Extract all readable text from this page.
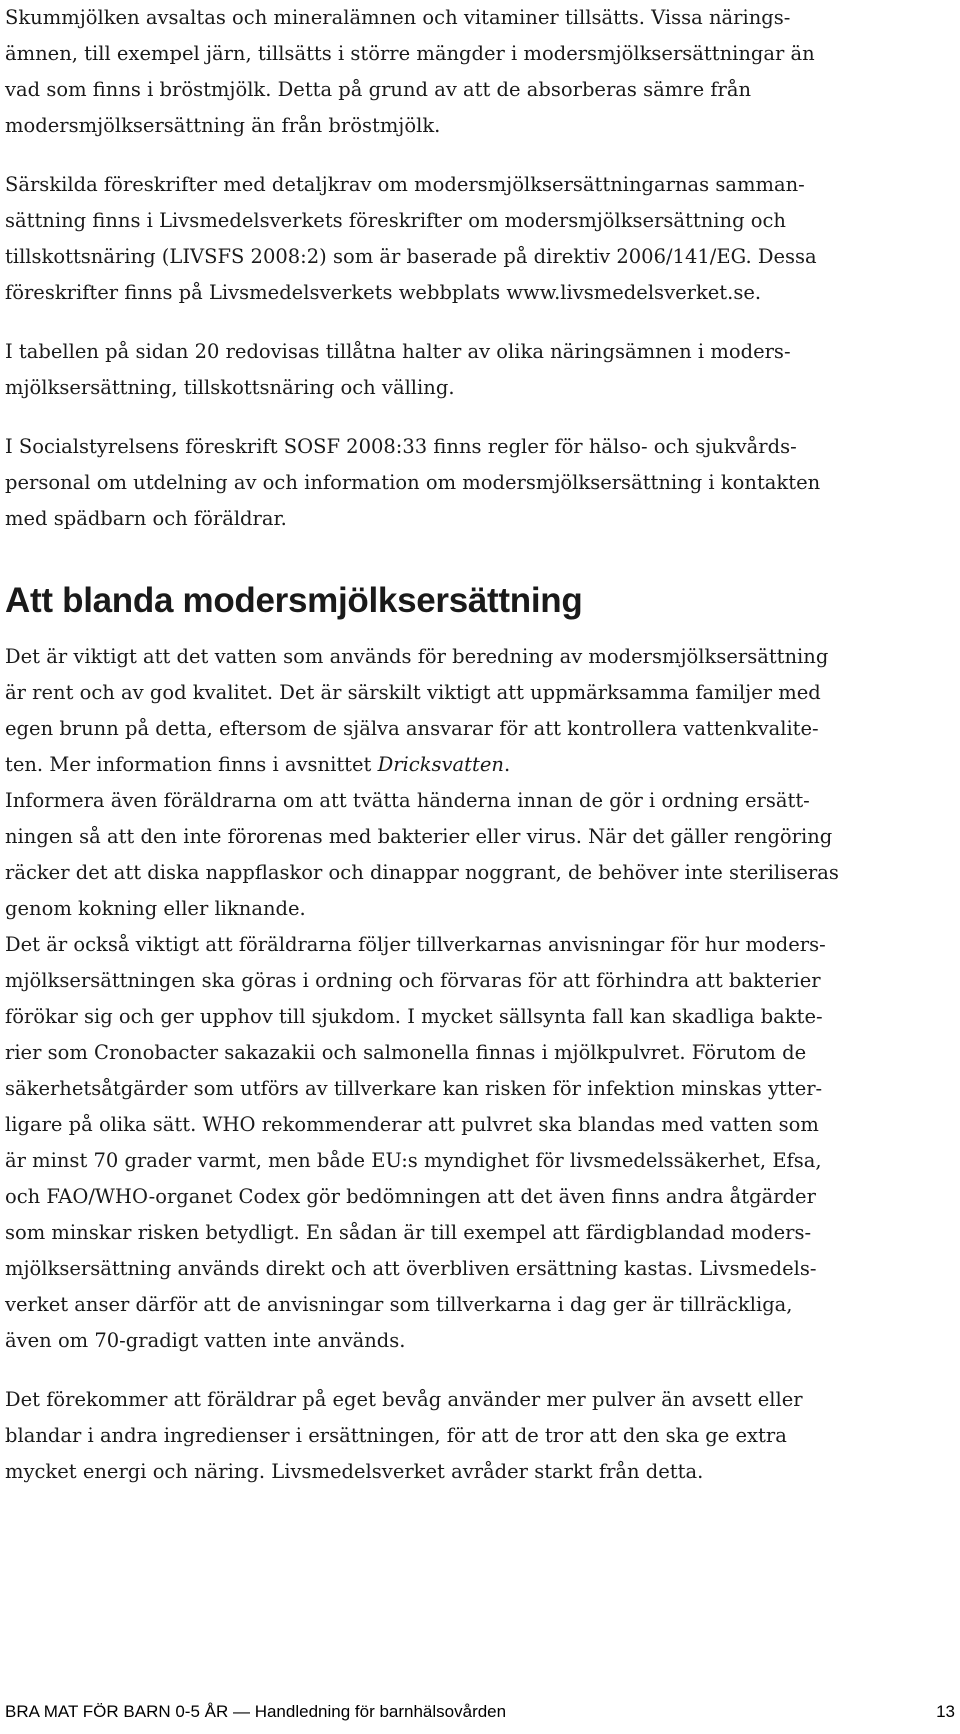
Skummjölken avsaltas och mineralämnen och vitaminer tillsätts. Vissa närings-
ämnen, till exempel järn, tillsätts i större mängder i modersmjölksersättningar än
vad som finns i bröstmjölk. Detta på grund av att de absorberas sämre från
modersmjölksersättning än från bröstmjölk.
Särskilda föreskrifter med detaljkrav om modersmjölksersättningarnas samman-
sättning finns i Livsmedelsverkets föreskrifter om modersmjölksersättning och
tillskottsnäring (LIVSFS 2008:2) som är baserade på direktiv 2006/141/EG. Dessa
föreskrifter finns på Livsmedelsverkets webbplats www.livsmedelsverket.se.
I tabellen på sidan 20 redovisas tillåtna halter av olika näringsämnen i moders-
mjölksersättning, tillskottsnäring och välling.
I Socialstyrelsens föreskrift SOSF 2008:33 finns regler för hälso- och sjukvårds-
personal om utdelning av och information om modersmjölksersättning i kontakten
med spädbarn och föräldrar.
Att blanda modersmjölksersättning
Det är viktigt att det vatten som används för beredning av modersmjölksersättning
är rent och av god kvalitet. Det är särskilt viktigt att uppmärksamma familjer med
egen brunn på detta, eftersom de själva ansvarar för att kontrollera vattenkvalite-
ten. Mer information finns i avsnittet Dricksvatten.
Informera även föräldrarna om att tvätta händerna innan de gör i ordning ersätt-
ningen så att den inte förorenas med bakterier eller virus. När det gäller rengöring
räcker det att diska nappflaskor och dinappar noggrant, de behöver inte steriliseras
genom kokning eller liknande.
Det är också viktigt att föräldrarna följer tillverkarnas anvisningar för hur moders-
mjölksersättningen ska göras i ordning och förvaras för att förhindra att bakterier
förökar sig och ger upphov till sjukdom. I mycket sällsynta fall kan skadliga bakte-
rier som Cronobacter sakazakii och salmonella finnas i mjölkpulvret. Förutom de
säkerhetsåtgärder som utförs av tillverkare kan risken för infektion minskas ytter-
ligare på olika sätt. WHO rekommenderar att pulvret ska blandas med vatten som
är minst 70 grader varmt, men både EU:s myndighet för livsmedelssäkerhet, Efsa,
och FAO/WHO-organet Codex gör bedömningen att det även finns andra åtgärder
som minskar risken betydligt. En sådan är till exempel att färdigblandad moders-
mjölksersättning används direkt och att överbliven ersättning kastas. Livsmedels-
verket anser därför att de anvisningar som tillverkarna i dag ger är tillräckliga,
även om 70-gradigt vatten inte används.
Det förekommer att föräldrar på eget bevåg använder mer pulver än avsett eller
blandar i andra ingredienser i ersättningen, för att de tror att den ska ge extra
mycket energi och näring. Livsmedelsverket avråder starkt från detta.
BRA MAT FÖR BARN 0-5 ÅR — Handledning för barnhälsovården	13
